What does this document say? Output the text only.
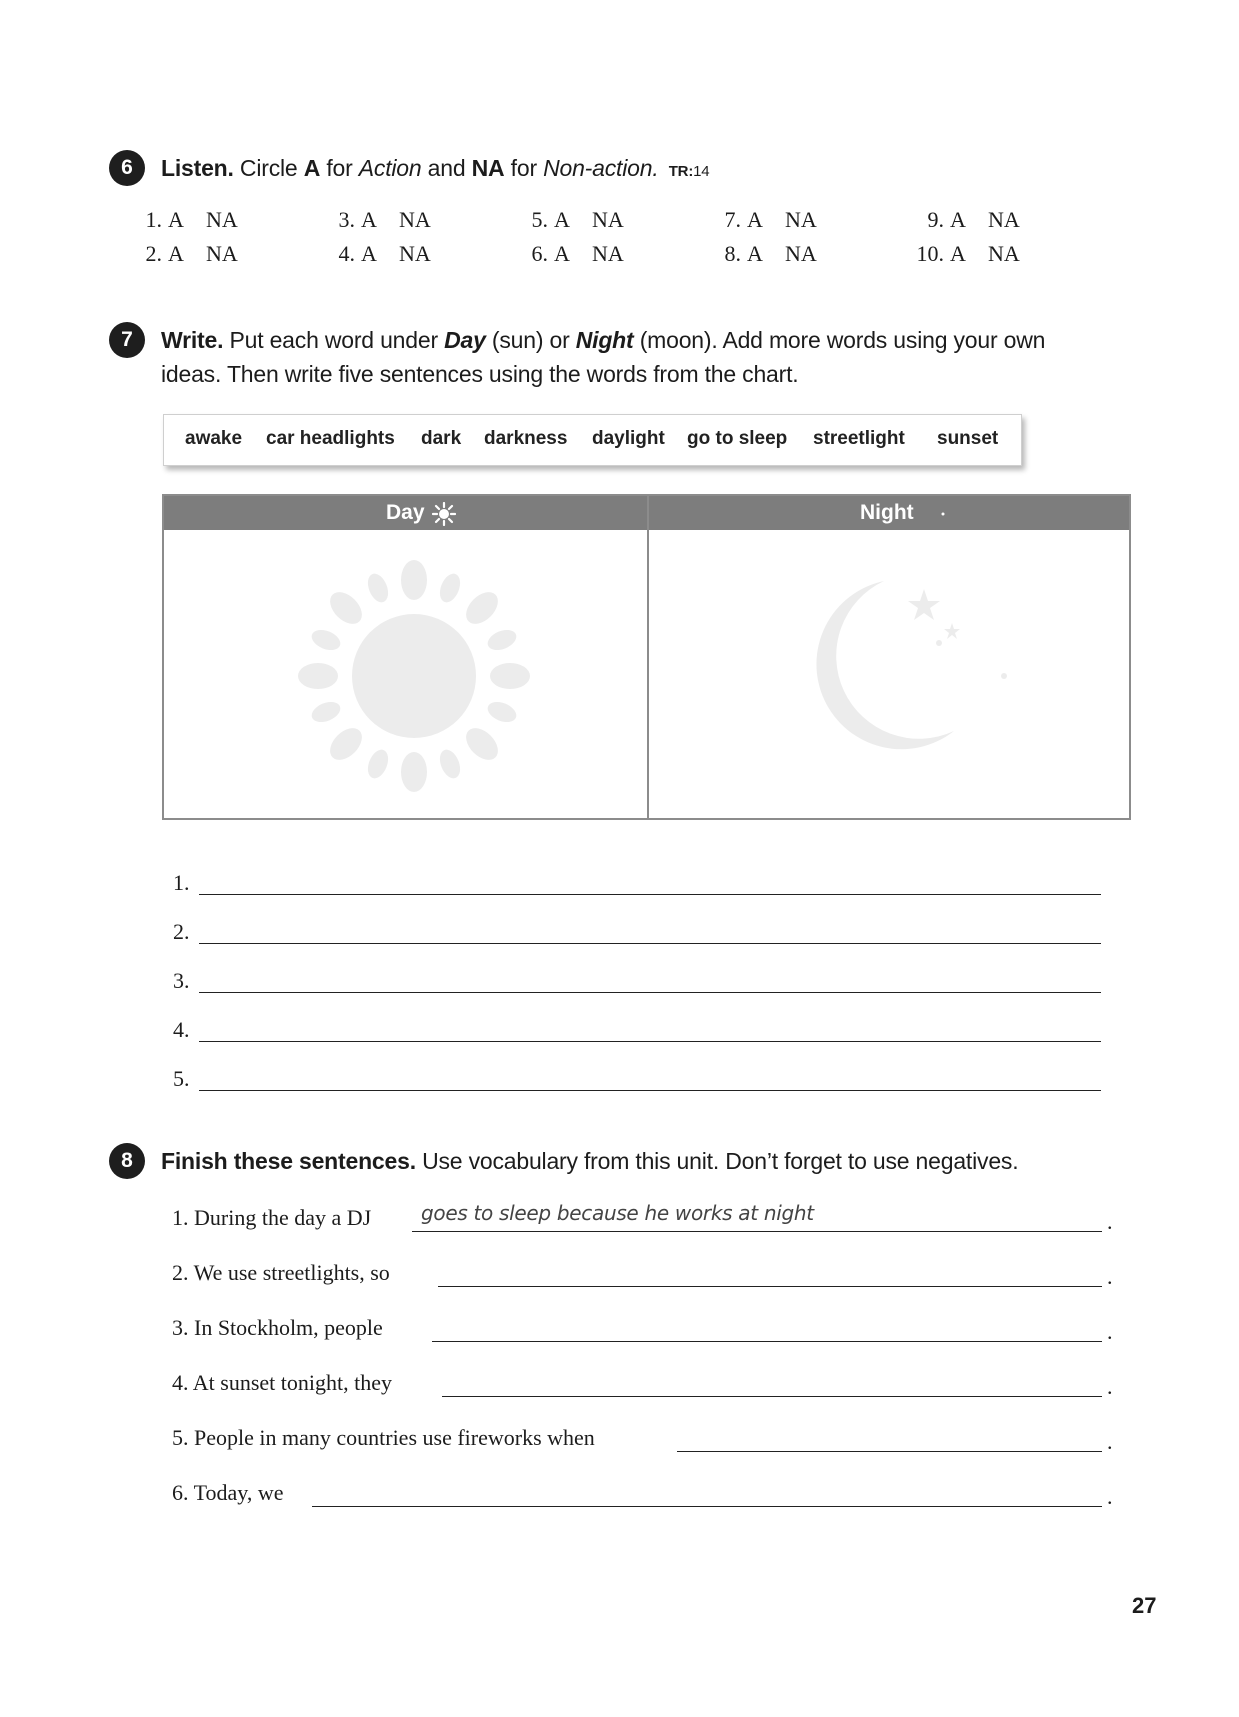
6	Listen. Circle A for Action and NA for Non-action. TR:14
1. A NA
2. A NA
3. A NA
4. A NA
5. A NA
6. A NA
7. A NA
8. A NA
9. A NA
10. A NA
7	Write. Put each word under Day (sun) or Night (moon). Add more words using your own
ideas. Then write five sentences using the words from the chart.
awake car headlights dark darkness daylight go to sleep streetlight sunset
Day	Night
1.
2.
3.
4.
5.
8	Finish these sentences. Use vocabulary from this unit. Don’t forget to use negatives.
1. During the day a DJ goes to sleep because he works at night	.
2. We use streetlights, so	.
3. In Stockholm, people	.
4. At sunset tonight, they	.
5. People in many countries use fireworks when	.
6. Today, we	.
27
